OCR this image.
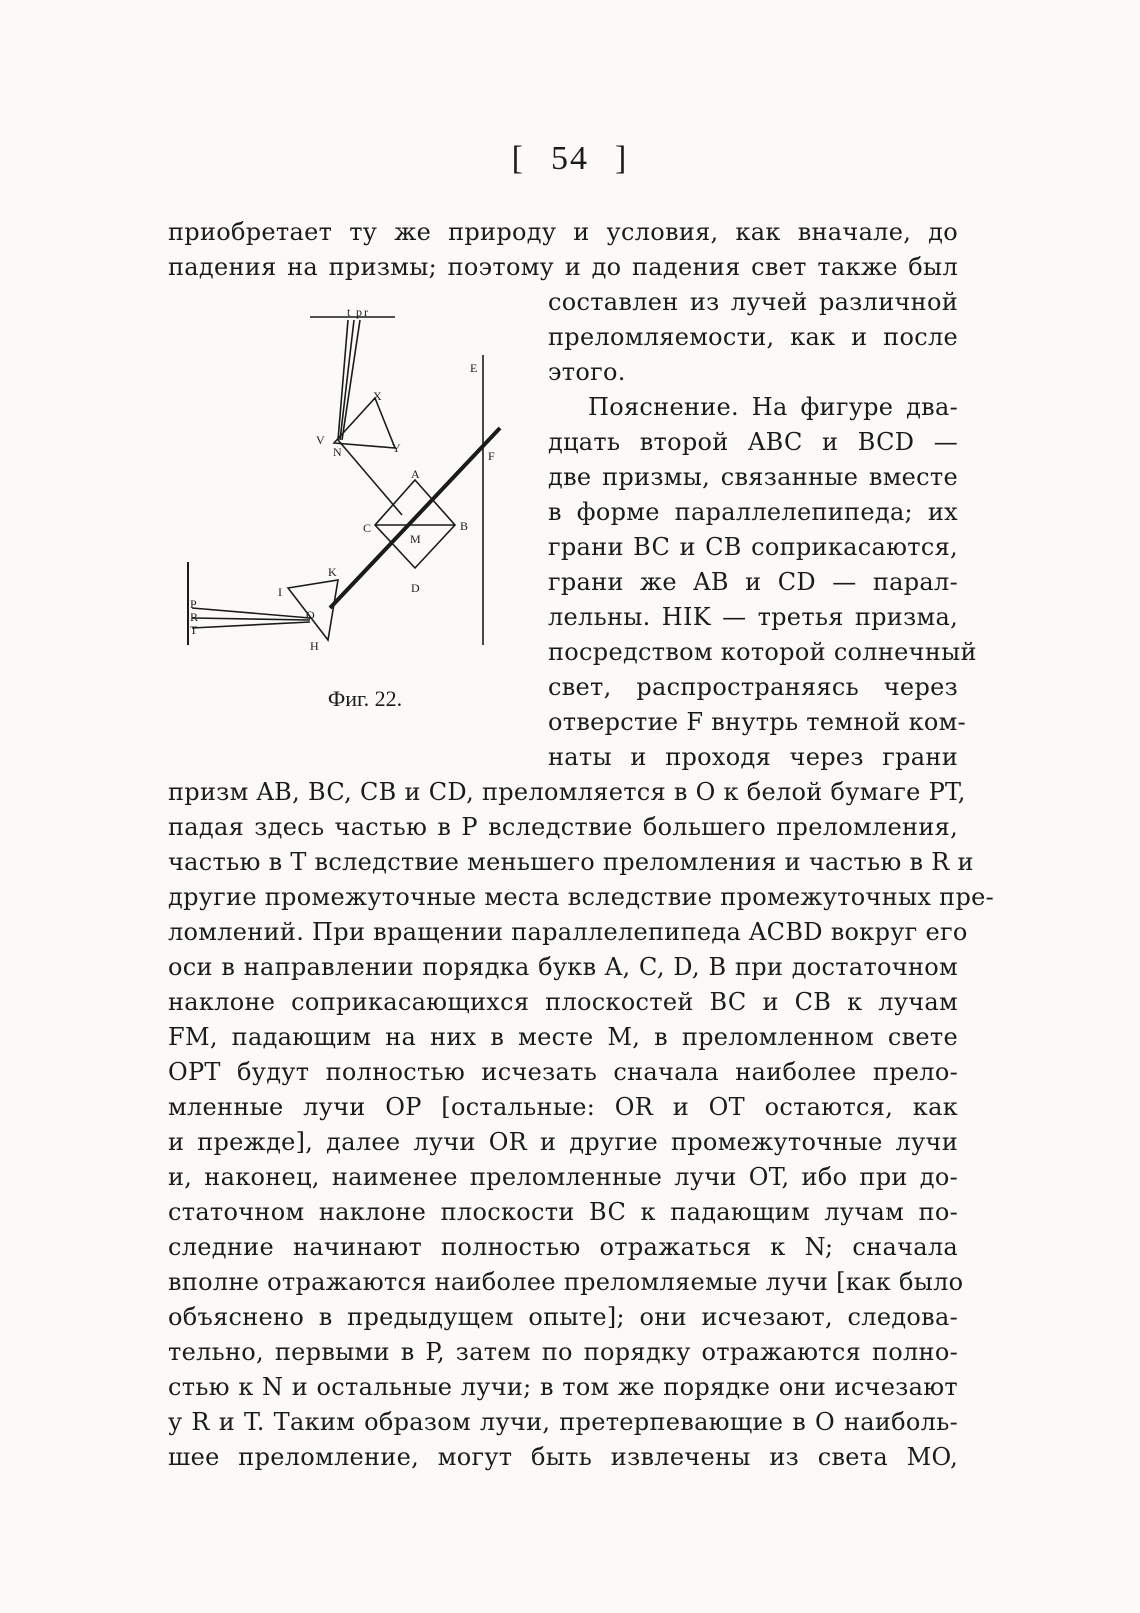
[ 54 ]
приобретает ту же природу и условия, как вначале, до
падения на призмы; поэтому и до падения свет также был
составлен из лучей различной
преломляемости, как и после
этого.
Пояснение. На фигуре два-
дцать второй ABC и BCD —
две призмы, связанные вместе
в форме параллелепипеда; их
грани BC и CB соприкасаются,
грани же AB и CD — парал-
лельны. HIK — третья призма,
посредством которой солнечный
свет, распространяясь через
отверстие F внутрь темной ком-
наты и проходя через грани
t p r
E
F
A
B
C
M
D
K
I
O
H
P
R
T
X
Y
V
N
Фиг. 22.
призм AB, BC, CB и CD, преломляется в O к белой бумаге PT,
падая здесь частью в P вследствие большего преломления,
частью в T вследствие меньшего преломления и частью в R и
другие промежуточные места вследствие промежуточных пре-
ломлений. При вращении параллелепипеда ACBD вокруг его
оси в направлении порядка букв A, C, D, B при достаточном
наклоне соприкасающихся плоскостей BC и CB к лучам
FM, падающим на них в месте M, в преломленном свете
OPT будут полностью исчезать сначала наиболее прело-
мленные лучи OP [остальные: OR и OT остаются, как
и прежде], далее лучи OR и другие промежуточные лучи
и, наконец, наименее преломленные лучи OT, ибо при до-
статочном наклоне плоскости BC к падающим лучам по-
следние начинают полностью отражаться к N; сначала
вполне отражаются наиболее преломляемые лучи [как было
объяснено в предыдущем опыте]; они исчезают, следова-
тельно, первыми в P, затем по порядку отражаются полно-
стью к N и остальные лучи; в том же порядке они исчезают
у R и T. Таким образом лучи, претерпевающие в O наиболь-
шее преломление, могут быть извлечены из света MO,
